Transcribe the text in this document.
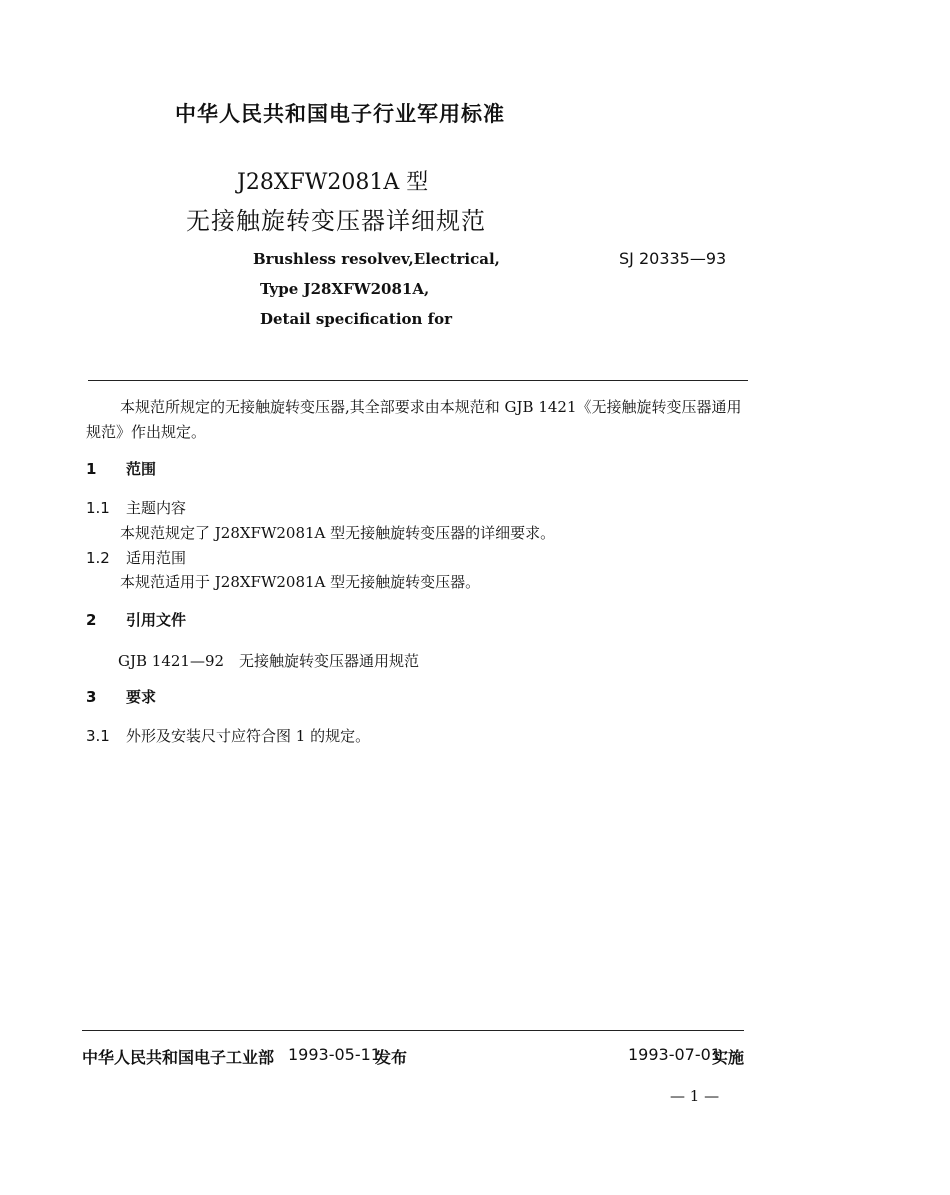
中华人民共和国电子行业军用标准
J28XFW2081A 型
无接触旋转变压器详细规范
Brushless resolvev,Electrical,
Type J28XFW2081A,
Detail specification for
SJ 20335—93
本规范所规定的无接触旋转变压器,其全部要求由本规范和 GJB 1421《无接触旋转变压器通用规范》作出规定。
1 范围
1.1 主题内容
本规范规定了 J28XFW2081A 型无接触旋转变压器的详细要求。
1.2 适用范围
本规范适用于 J28XFW2081A 型无接触旋转变压器。
2 引用文件
GJB 1421—92　无接触旋转变压器通用规范
3 要求
3.1 外形及安装尺寸应符合图 1 的规定。
中华人民共和国电子工业部 1993-05-11
发布	1993-07-01
实施
— 1 —
